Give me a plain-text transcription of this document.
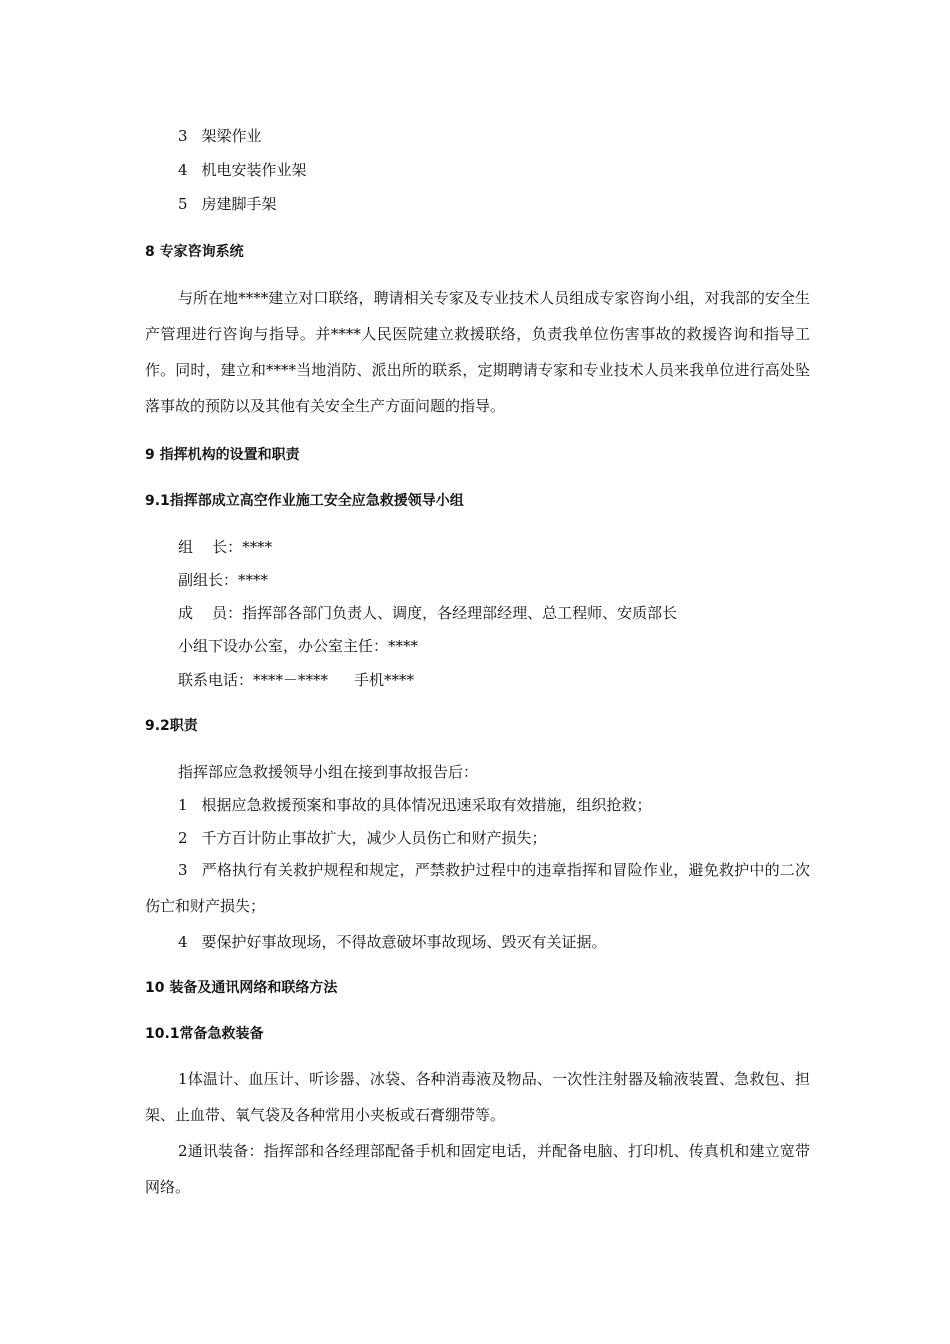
3 架梁作业
4 机电安装作业架
5 房建脚手架
8 专家咨询系统
与所在地****建立对口联络，聘请相关专家及专业技术人员组成专家咨询小组，对我部的安全生产管理进行咨询与指导。并****人民医院建立救援联络，负责我单位伤害事故的救援咨询和指导工作。同时，建立和****当地消防、派出所的联系，定期聘请专家和专业技术人员来我单位进行高处坠落事故的预防以及其他有关安全生产方面问题的指导。
9 指挥机构的设置和职责
9.1指挥部成立高空作业施工安全应急救援领导小组
组    长：****
副组长：****
成    员：指挥部各部门负责人、调度，各经理部经理、总工程师、安质部长
小组下设办公室，办公室主任：****
联系电话：****－**** 手机****
9.2职责
指挥部应急救援领导小组在接到事故报告后：
1 根据应急救援预案和事故的具体情况迅速采取有效措施，组织抢救；
2 千方百计防止事故扩大，减少人员伤亡和财产损失；
3 严格执行有关救护规程和规定，严禁救护过程中的违章指挥和冒险作业，避免救护中的二次伤亡和财产损失；
4 要保护好事故现场，不得故意破坏事故现场、毁灭有关证据。
10 装备及通讯网络和联络方法
10.1常备急救装备
1体温计、血压计、听诊器、冰袋、各种消毒液及物品、一次性注射器及输液装置、急救包、担架、止血带、氧气袋及各种常用小夹板或石膏绷带等。
2通讯装备：指挥部和各经理部配备手机和固定电话，并配备电脑、打印机、传真机和建立宽带网络。
